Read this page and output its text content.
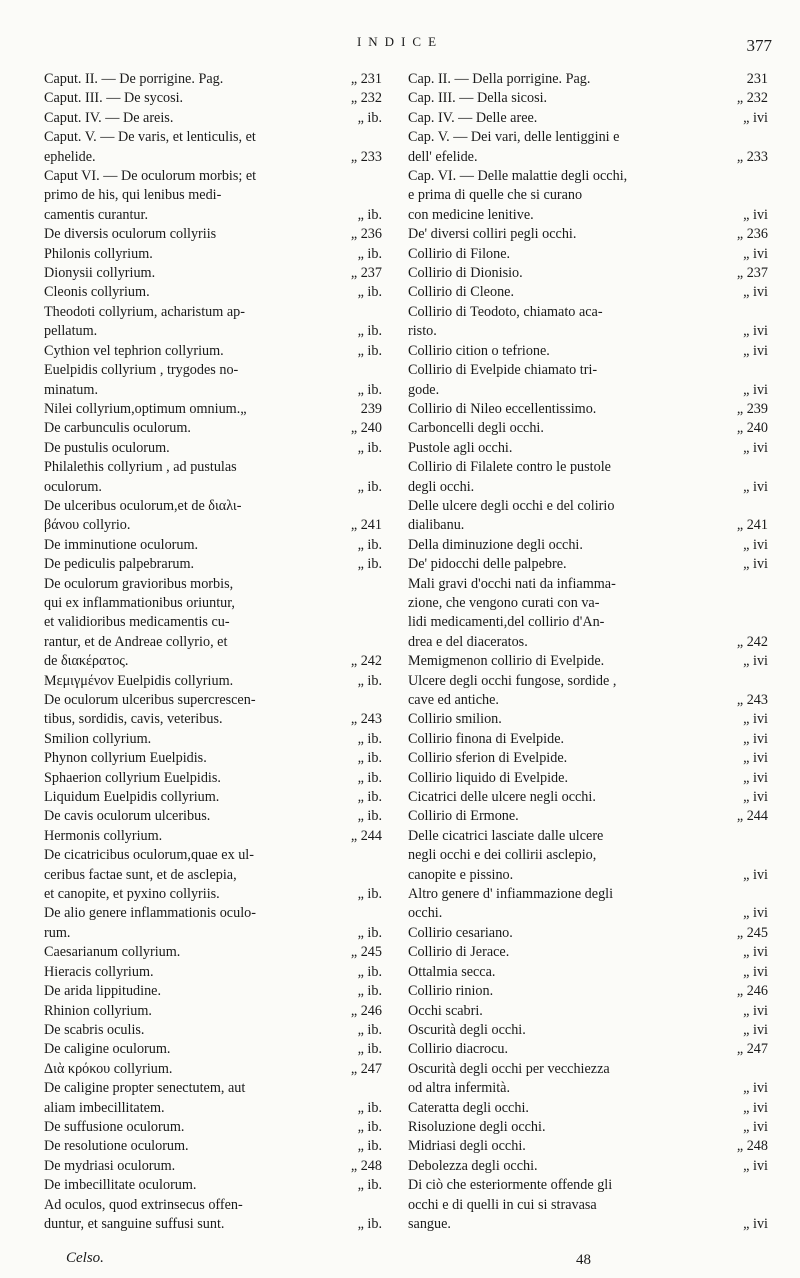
INDICE	377
Caput. II. — De porrigine. Pag.	„ 231
Caput. III. — De sycosi.	„ 232
Caput. IV. — De areis.	„ ib.
Caput. V. — De varis, et lenticulis, et
ephelide.	„ 233
Caput VI. — De oculorum morbis; et
primo de his, qui lenibus medi-
camentis curantur.	„ ib.
De diversis oculorum collyriis	„ 236
Philonis collyrium.	„ ib.
Dionysii collyrium.	„ 237
Cleonis collyrium.	„ ib.
Theodoti collyrium, acharistum ap-
pellatum.	„ ib.
Cythion vel tephrion collyrium.	„ ib.
Euelpidis collyrium , trygodes no-
minatum.	„ ib.
Nilei collyrium,optimum omnium.„	239
De carbunculis oculorum.	„ 240
De pustulis oculorum.	„ ib.
Philalethis collyrium , ad pustulas
oculorum.	„ ib.
De ulceribus oculorum,et de διαλι-
βάνου collyrio.	„ 241
De imminutione oculorum.	„ ib.
De pediculis palpebrarum.	„ ib.
De oculorum gravioribus morbis,
qui ex inflammationibus oriuntur,
et validioribus medicamentis cu-
rantur, et de Andreae collyrio, et
de διακέρατος.	„ 242
Μεμιγμένον Euelpidis collyrium.	„ ib.
De oculorum ulceribus supercrescen-
tibus, sordidis, cavis, veteribus.	„ 243
Smilion collyrium.	„ ib.
Phynon collyrium Euelpidis.	„ ib.
Sphaerion collyrium Euelpidis.	„ ib.
Liquidum Euelpidis collyrium.	„ ib.
De cavis oculorum ulceribus.	„ ib.
Hermonis collyrium.	„ 244
De cicatricibus oculorum,quae ex ul-
ceribus factae sunt, et de asclepia,
et canopite, et pyxino collyriis.	„ ib.
De alio genere inflammationis oculo-
rum.	„ ib.
Caesarianum collyrium.	„ 245
Hieracis collyrium.	„ ib.
De arida lippitudine.	„ ib.
Rhinion collyrium.	„ 246
De scabris oculis.	„ ib.
De caligine oculorum.	„ ib.
Διὰ κρόκου collyrium.	„ 247
De caligine propter senectutem, aut
aliam imbecillitatem.	„ ib.
De suffusione oculorum.	„ ib.
De resolutione oculorum.	„ ib.
De mydriasi oculorum.	„ 248
De imbecillitate oculorum.	„ ib.
Ad oculos, quod extrinsecus offen-
duntur, et sanguine suffusi sunt.	„ ib.
Cap. II. — Della porrigine. Pag.	231
Cap. III. — Della sicosi.	„ 232
Cap. IV. — Delle aree.	„ ivi
Cap. V. — Dei vari, delle lentiggini e
dell' efelide.	„ 233
Cap. VI. — Delle malattie degli occhi,
e prima di quelle che si curano
con medicine lenitive.	„ ivi
De' diversi colliri pegli occhi.	„ 236
Collirio di Filone.	„ ivi
Collirio di Dionisio.	„ 237
Collirio di Cleone.	„ ivi
Collirio di Teodoto, chiamato aca-
risto.	„ ivi
Collirio cition o tefrione.	„ ivi
Collirio di Evelpide chiamato tri-
gode.	„ ivi
Collirio di Nileo eccellentissimo.	„ 239
Carboncelli degli occhi.	„ 240
Pustole agli occhi.	„ ivi
Collirio di Filalete contro le pustole
degli occhi.	„ ivi
Delle ulcere degli occhi e del colirio
dialibanu.	„ 241
Della diminuzione degli occhi.	„ ivi
De' pidocchi delle palpebre.	„ ivi
Mali gravi d'occhi nati da infiamma-
zione, che vengono curati con va-
lidi medicamenti,del collirio d'An-
drea e del diaceratos.	„ 242
Memigmenon collirio di Evelpide.	„ ivi
Ulcere degli occhi fungose, sordide ,
cave ed antiche.	„ 243
Collirio smilion.	„ ivi
Collirio finona di Evelpide.	„ ivi
Collirio sferion di Evelpide.	„ ivi
Collirio liquido di Evelpide.	„ ivi
Cicatrici delle ulcere negli occhi.	„ ivi
Collirio di Ermone.	„ 244
Delle cicatrici lasciate dalle ulcere
negli occhi e dei collirii asclepio,
canopite e pissino.	„ ivi
Altro genere d' infiammazione degli
occhi.	„ ivi
Collirio cesariano.	„ 245
Collirio di Jerace.	„ ivi
Ottalmia secca.	„ ivi
Collirio rinion.	„ 246
Occhi scabri.	„ ivi
Oscurità degli occhi.	„ ivi
Collirio diacrocu.	„ 247
Oscurità degli occhi per vecchiezza
od altra infermità.	„ ivi
Cateratta degli occhi.	„ ivi
Risoluzione degli occhi.	„ ivi
Midriasi degli occhi.	„ 248
Debolezza degli occhi.	„ ivi
Di ciò che esteriormente offende gli
occhi e di quelli in cui si stravasa
sangue.	„ ivi
Celso.	48
